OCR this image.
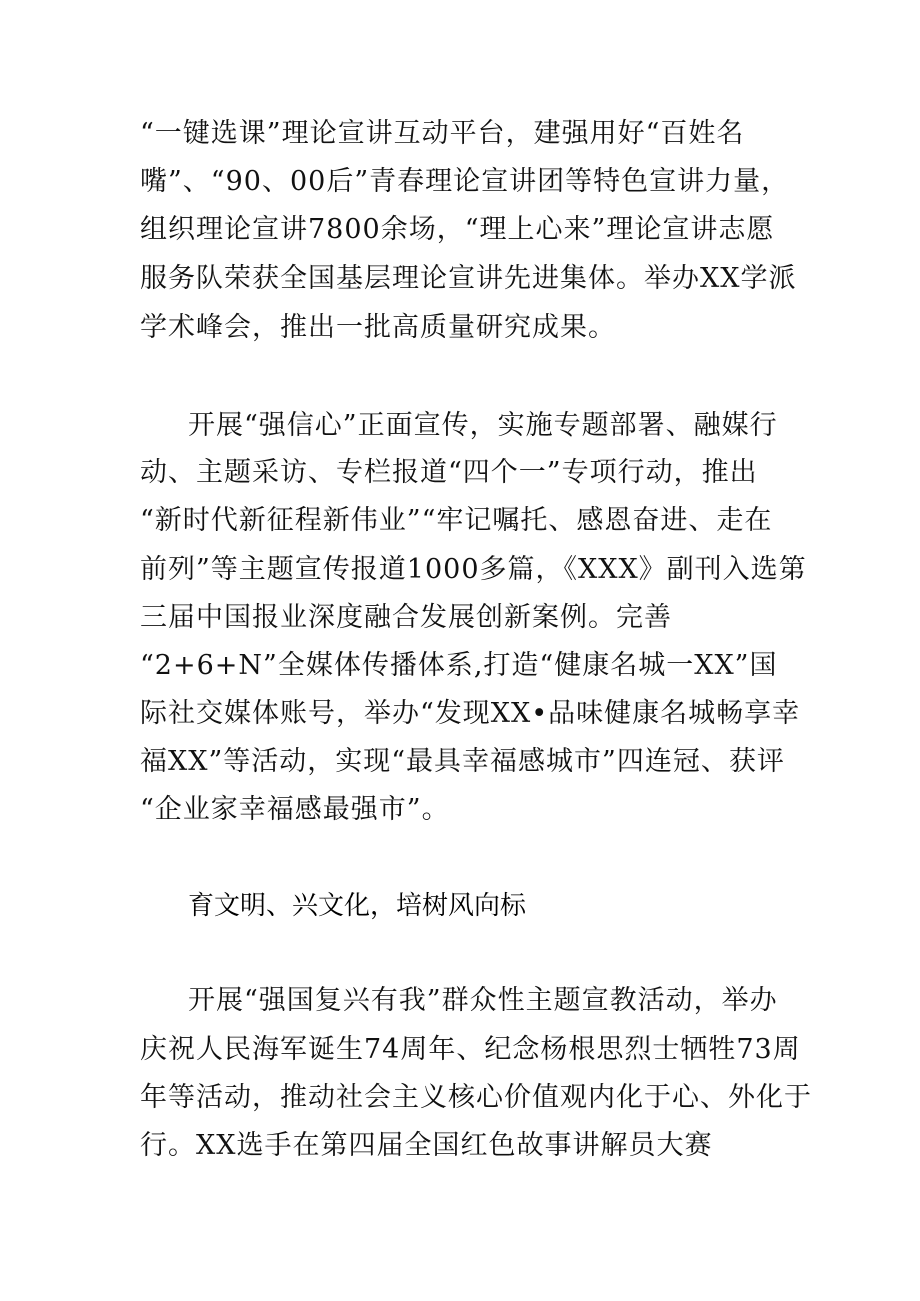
“一键选课”理论宣讲互动平台，建强用好“百姓名
嘴”、“90、00后”青春理论宣讲团等特色宣讲力量，
组织理论宣讲7800余场，“理上心来”理论宣讲志愿
服务队荣获全国基层理论宣讲先进集体。举办XX学派
学术峰会，推出一批高质量研究成果。
开展“强信心”正面宣传，实施专题部署、融媒行
动、主题采访、专栏报道“四个一”专项行动，推出
“新时代新征程新伟业”“牢记嘱托、感恩奋进、走在
前列”等主题宣传报道1000多篇，《XXX》副刊入选第
三届中国报业深度融合发展创新案例。完善
“2+6+N”全媒体传播体系,打造“健康名城一XX”国
际社交媒体账号，举办“发现XX•品味健康名城畅享幸
福XX”等活动，实现“最具幸福感城市”四连冠、获评
“企业家幸福感最强市”。
育文明、兴文化，培树风向标
开展“强国复兴有我”群众性主题宣教活动，举办
庆祝人民海军诞生74周年、纪念杨根思烈士牺牲73周
年等活动，推动社会主义核心价值观内化于心、外化于
行。XX选手在第四届全国红色故事讲解员大赛
